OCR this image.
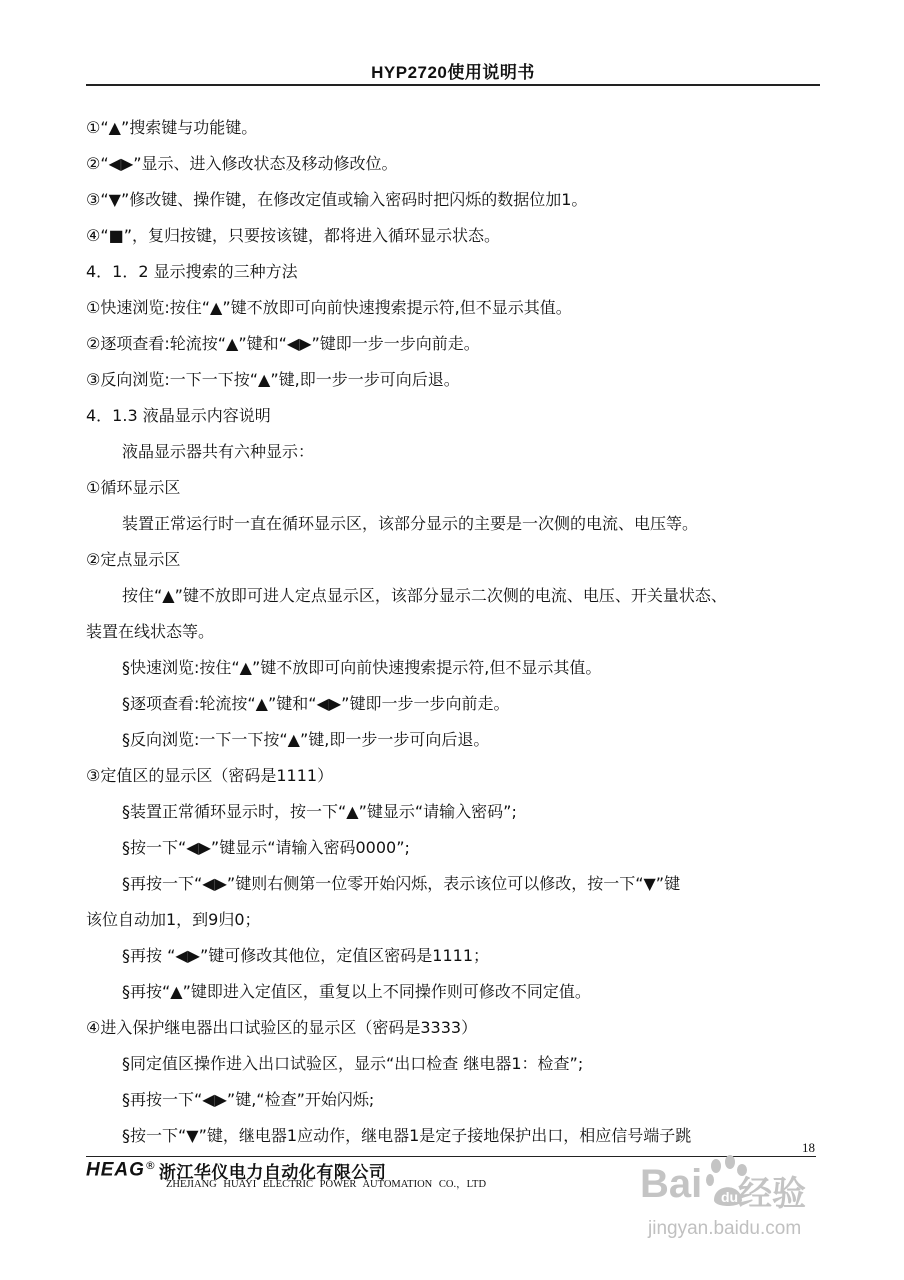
HYP2720使用说明书
①“▲”搜索键与功能键。
②“◀▶”显示、进入修改状态及移动修改位。
③“▼”修改键、操作键，在修改定值或输入密码时把闪烁的数据位加1。
④“■”，复归按键，只要按该键，都将进入循环显示状态。
4．1．2 显示搜索的三种方法
①快速浏览:按住“▲”键不放即可向前快速搜索提示符,但不显示其值。
②逐项查看:轮流按“▲”键和“◀▶”键即一步一步向前走。
③反向浏览:一下一下按“▲”键,即一步一步可向后退。
4．1.3 液晶显示内容说明
液晶显示器共有六种显示：
①循环显示区
装置正常运行时一直在循环显示区，该部分显示的主要是一次侧的电流、电压等。
②定点显示区
按住“▲”键不放即可进人定点显示区，该部分显示二次侧的电流、电压、开关量状态、
装置在线状态等。
§快速浏览:按住“▲”键不放即可向前快速搜索提示符,但不显示其值。
§逐项查看:轮流按“▲”键和“◀▶”键即一步一步向前走。
§反向浏览:一下一下按“▲”键,即一步一步可向后退。
③定值区的显示区（密码是1111）
§装置正常循环显示时，按一下“▲”键显示“请输入密码”;
§按一下“◀▶”键显示“请输入密码0000”;
§再按一下“◀▶”键则右侧第一位零开始闪烁，表示该位可以修改，按一下“▼”键
该位自动加1，到9归0；
§再按 “◀▶”键可修改其他位，定值区密码是1111；
§再按“▲”键即进入定值区，重复以上不同操作则可修改不同定值。
④进入保护继电器出口试验区的显示区（密码是3333）
§同定值区操作进入出口试验区，显示“出口检查 继电器1：检查”;
§再按一下“◀▶”键,“检查”开始闪烁;
§按一下“▼”键，继电器1应动作，继电器1是定子接地保护出口，相应信号端子跳
18
HEAG® 浙江华仪电力自动化有限公司
ZHEJIANG HUAYI ELECTRIC POWER AUTOMATION CO.，LTD	Bai du 经验
jingyan.baidu.com
